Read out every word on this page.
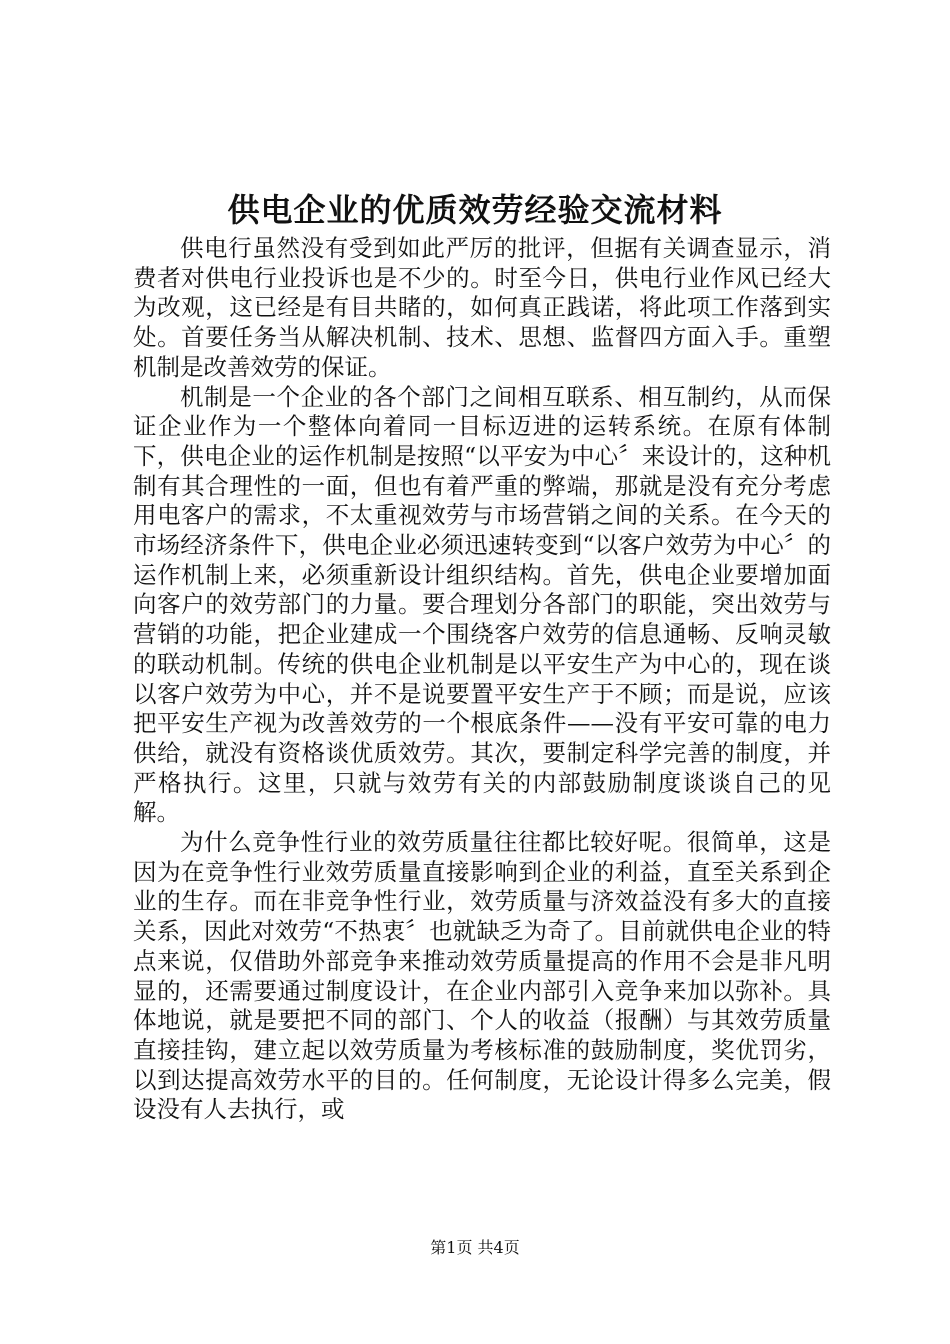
供电企业的优质效劳经验交流材料

供电行虽然没有受到如此严厉的批评，但据有关调查显示，消费者对供电行业投诉也是不少的。时至今日，供电行业作风已经大为改观，这已经是有目共睹的，如何真正践诺，将此项工作落到实处。首要任务当从解决机制、技术、思想、监督四方面入手。重塑机制是改善效劳的保证。

机制是一个企业的各个部门之间相互联系、相互制约，从而保证企业作为一个整体向着同一目标迈进的运转系统。在原有体制下，供电企业的运作机制是按照“以平安为中心〞来设计的，这种机制有其合理性的一面，但也有着严重的弊端，那就是没有充分考虑用电客户的需求，不太重视效劳与市场营销之间的关系。在今天的市场经济条件下，供电企业必须迅速转变到“以客户效劳为中心〞的运作机制上来，必须重新设计组织结构。首先，供电企业要增加面向客户的效劳部门的力量。要合理划分各部门的职能，突出效劳与营销的功能，把企业建成一个围绕客户效劳的信息通畅、反响灵敏的联动机制。传统的供电企业机制是以平安生产为中心的，现在谈以客户效劳为中心，并不是说要置平安生产于不顾；而是说，应该把平安生产视为改善效劳的一个根底条件——没有平安可靠的电力供给，就没有资格谈优质效劳。其次，要制定科学完善的制度，并严格执行。这里，只就与效劳有关的内部鼓励制度谈谈自己的见解。

为什么竞争性行业的效劳质量往往都比较好呢。很简单，这是因为在竞争性行业效劳质量直接影响到企业的利益，直至关系到企业的生存。而在非竞争性行业，效劳质量与济效益没有多大的直接关系，因此对效劳“不热衷〞也就缺乏为奇了。目前就供电企业的特点来说，仅借助外部竞争来推动效劳质量提高的作用不会是非凡明显的，还需要通过制度设计，在企业内部引入竞争来加以弥补。具体地说，就是要把不同的部门、个人的收益（报酬）与其效劳质量直接挂钩，建立起以效劳质量为考核标准的鼓励制度，奖优罚劣，以到达提高效劳水平的目的。任何制度，无论设计得多么完美，假设没有人去执行，或

第1页 共4页
